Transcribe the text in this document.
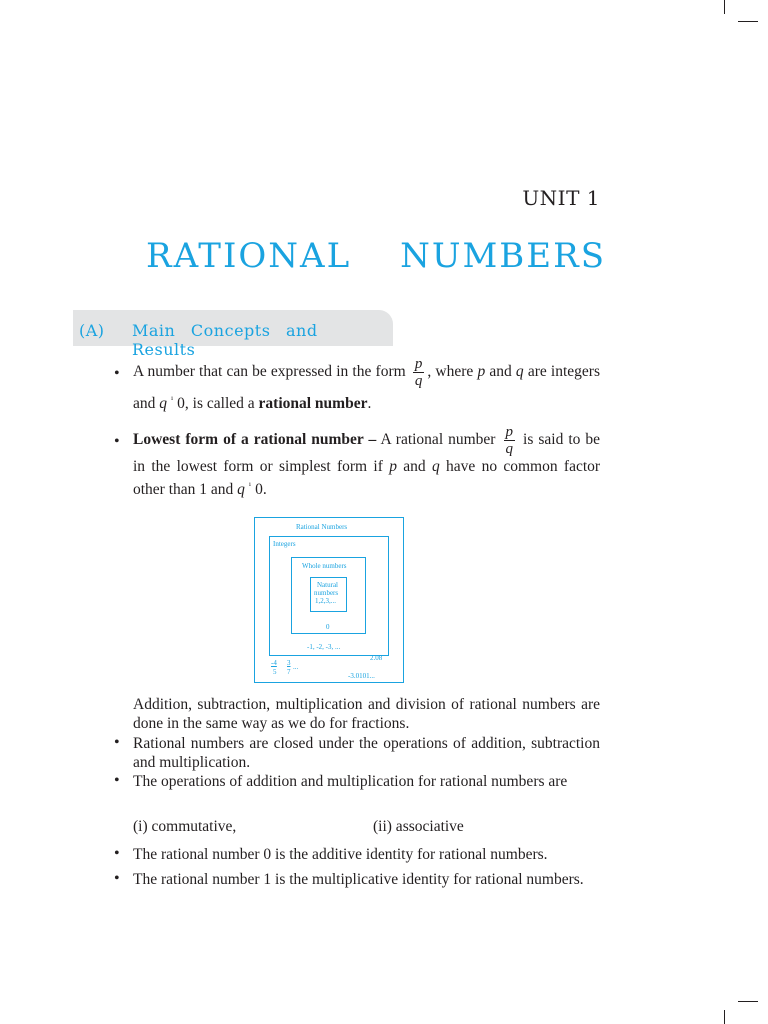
UNIT 1
RATIONAL NUMBERS
(A) Main Concepts and Results
• A number that can be expressed in the form $\frac{p}{q}$ , where p and q are integers and q $^{^1}$ 0, is called a rational number.
• Lowest form of a rational number – A rational number $\frac{p}{q}$ is said to be in the lowest form or simplest form if p and q have no common factor other than 1 and q $^{^1}$ 0.
Rational Numbers
Integers
Whole numbers
Natural
numbers
1,2,3,...
0
-1, -2, -3, ...
2.08
-4
5
3
7
...
-3.0101...
Addition, subtraction, multiplication and division of rational numbers are done in the same way as we do for fractions.
• Rational numbers are closed under the operations of addition, subtraction and multiplication.
• The operations of addition and multiplication for rational numbers are
(i) commutative,	(ii) associative
• The rational number 0 is the additive identity for rational numbers.
• The rational number 1 is the multiplicative identity for rational numbers.
